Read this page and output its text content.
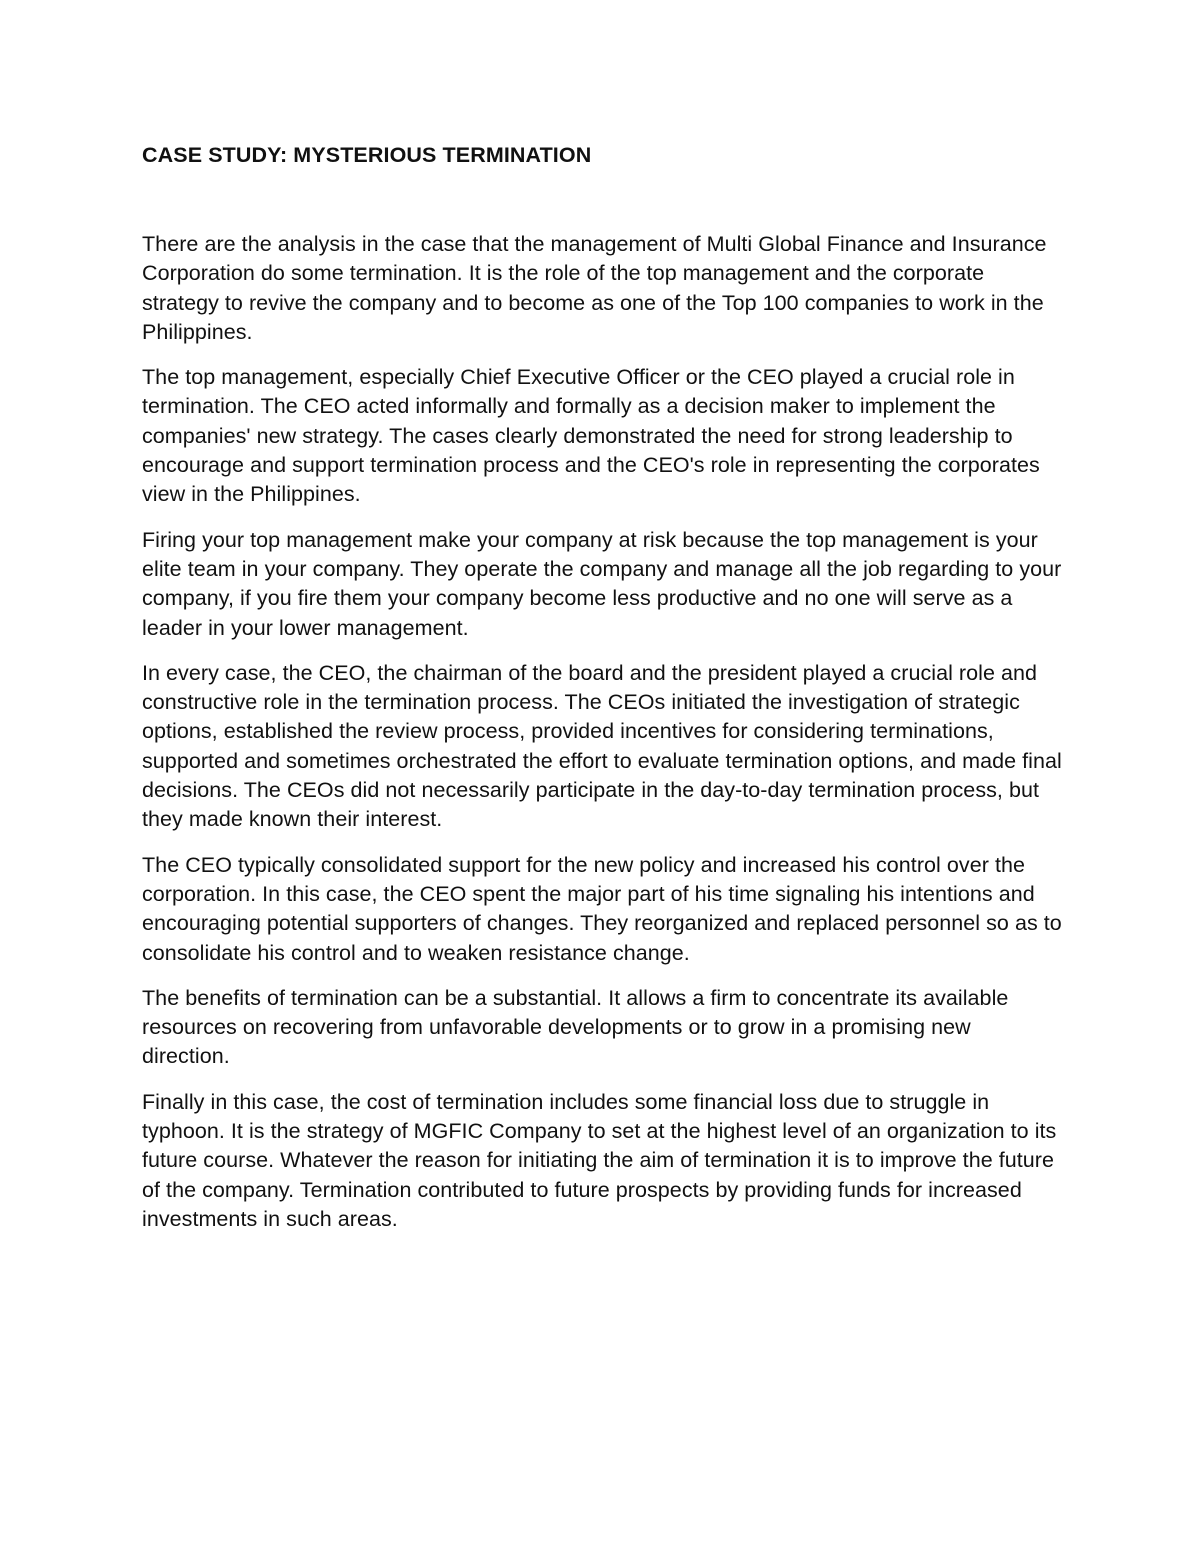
CASE STUDY: MYSTERIOUS TERMINATION

There are the analysis in the case that the management of Multi Global Finance and Insurance Corporation do some termination. It is the role of the top management and the corporate strategy to revive the company and to become as one of the Top 100 companies to work in the Philippines.

The top management, especially Chief Executive Officer or the CEO played a crucial role in termination. The CEO acted informally and formally as a decision maker to implement the companies' new strategy. The cases clearly demonstrated the need for strong leadership to encourage and support termination process and the CEO's role in representing the corporates view in the Philippines.

Firing your top management make your company at risk because the top management is your elite team in your company. They operate the company and manage all the job regarding to your company, if you fire them your company become less productive and no one will serve as a leader in your lower management.

In every case, the CEO, the chairman of the board and the president played a crucial role and constructive role in the termination process. The CEOs initiated the investigation of strategic options, established the review process, provided incentives for considering terminations, supported and sometimes orchestrated the effort to evaluate termination options, and made final decisions. The CEOs did not necessarily participate in the day-to-day termination process, but they made known their interest.

The CEO typically consolidated support for the new policy and increased his control over the corporation. In this case, the CEO spent the major part of his time signaling his intentions and encouraging potential supporters of changes. They reorganized and replaced personnel so as to consolidate his control and to weaken resistance change.

The benefits of termination can be a substantial. It allows a firm to concentrate its available resources on recovering from unfavorable developments or to grow in a promising new direction.

Finally in this case, the cost of termination includes some financial loss due to struggle in typhoon. It is the strategy of MGFIC Company to set at the highest level of an organization to its future course. Whatever the reason for initiating the aim of termination it is to improve the future of the company. Termination contributed to future prospects by providing funds for increased investments in such areas.
